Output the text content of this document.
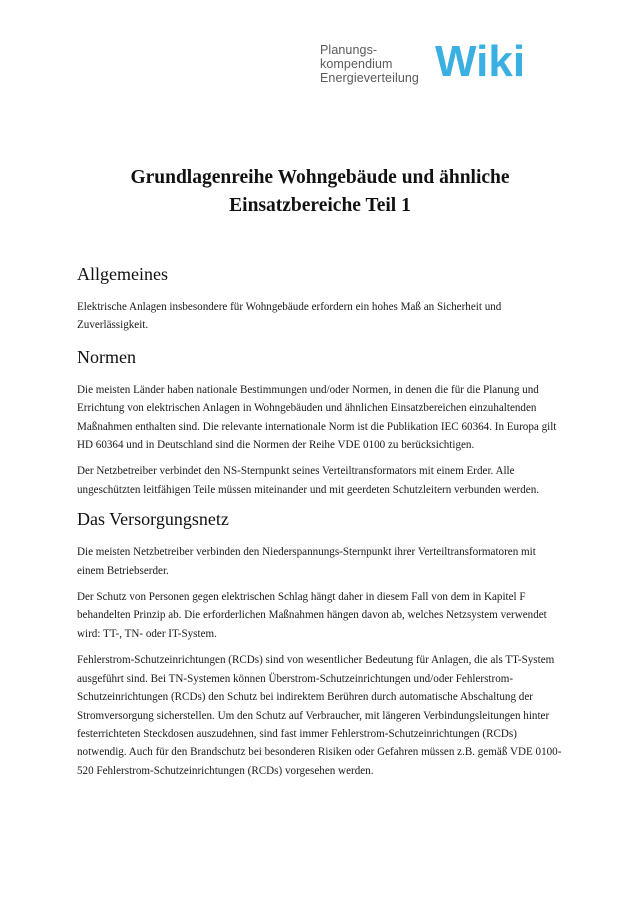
Planungs-
kompendium
Energieverteilung Wiki
Grundlagenreihe Wohngebäude und ähnliche
Einsatzbereiche Teil 1
Allgemeines

Elektrische Anlagen insbesondere für Wohngebäude erfordern ein hohes Maß an Sicherheit und Zuverlässigkeit.

Normen

Die meisten Länder haben nationale Bestimmungen und/oder Normen, in denen die für die Planung und Errichtung von elektrischen Anlagen in Wohngebäuden und ähnlichen Einsatzbereichen einzuhaltenden Maßnahmen enthalten sind. Die relevante internationale Norm ist die Publikation IEC 60364. In Europa gilt HD 60364 und in Deutschland sind die Normen der Reihe VDE 0100 zu berücksichtigen.

Der Netzbetreiber verbindet den NS-Sternpunkt seines Verteiltransformators mit einem Erder. Alle ungeschützten leitfähigen Teile müssen miteinander und mit geerdeten Schutzleitern verbunden werden.

Das Versorgungsnetz

Die meisten Netzbetreiber verbinden den Niederspannungs-Sternpunkt ihrer Verteiltransformatoren mit einem Betriebserder.

Der Schutz von Personen gegen elektrischen Schlag hängt daher in diesem Fall von dem in Kapitel F behandelten Prinzip ab. Die erforderlichen Maßnahmen hängen davon ab, welches Netzsystem verwendet wird: TT-, TN- oder IT-System.

Fehlerstrom-Schutzeinrichtungen (RCDs) sind von wesentlicher Bedeutung für Anlagen, die als TT-System ausgeführt sind. Bei TN-Systemen können Überstrom-Schutzeinrichtungen und/oder Fehlerstrom-Schutzeinrichtungen (RCDs) den Schutz bei indirektem Berühren durch automatische Abschaltung der Stromversorgung sicherstellen. Um den Schutz auf Verbraucher, mit längeren Verbindungsleitungen hinter festerrichteten Steckdosen auszudehnen, sind fast immer Fehlerstrom-Schutzeinrichtungen (RCDs) notwendig. Auch für den Brandschutz bei besonderen Risiken oder Gefahren müssen z.B. gemäß VDE 0100-520 Fehlerstrom-Schutzeinrichtungen (RCDs) vorgesehen werden.
